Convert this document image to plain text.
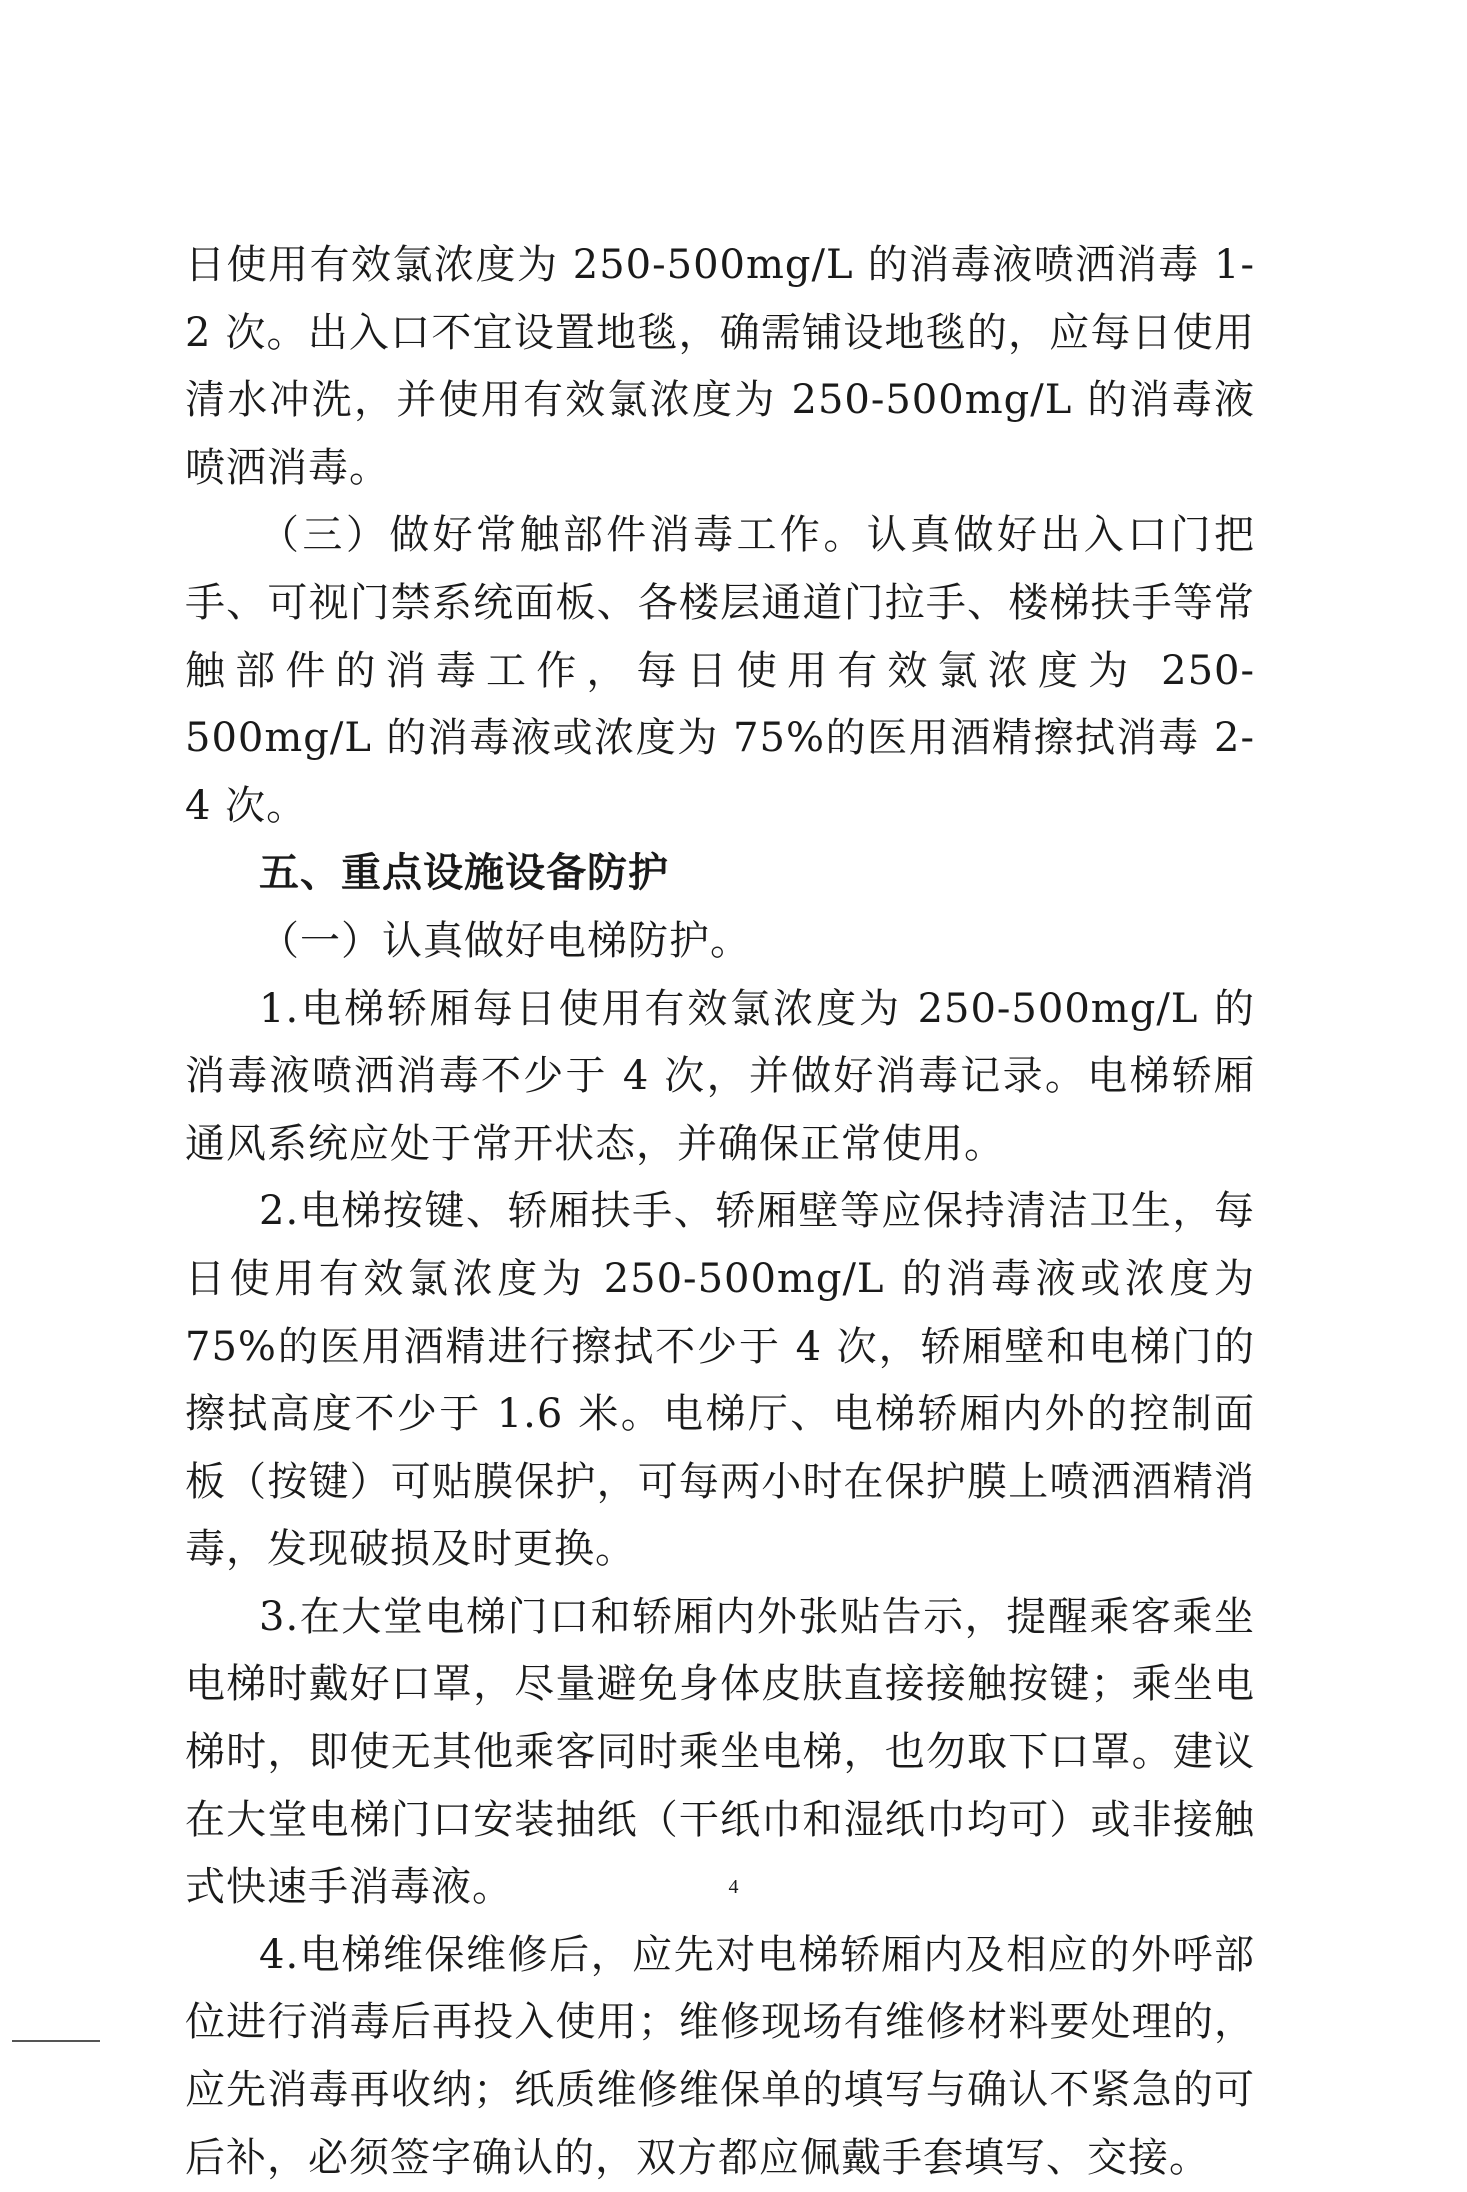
日使用有效氯浓度为 250-500mg/L 的消毒液喷洒消毒 1-2 次。出入口不宜设置地毯，确需铺设地毯的，应每日使用清水冲洗，并使用有效氯浓度为 250-500mg/L 的消毒液喷洒消毒。

（三）做好常触部件消毒工作。认真做好出入口门把手、可视门禁系统面板、各楼层通道门拉手、楼梯扶手等常触部件的消毒工作，每日使用有效氯浓度为 250-500mg/L 的消毒液或浓度为 75%的医用酒精擦拭消毒 2-4 次。

五、重点设施设备防护

（一）认真做好电梯防护。

1.电梯轿厢每日使用有效氯浓度为 250-500mg/L 的消毒液喷洒消毒不少于 4 次，并做好消毒记录。电梯轿厢通风系统应处于常开状态，并确保正常使用。

2.电梯按键、轿厢扶手、轿厢壁等应保持清洁卫生，每日使用有效氯浓度为 250-500mg/L 的消毒液或浓度为 75%的医用酒精进行擦拭不少于 4 次，轿厢壁和电梯门的擦拭高度不少于 1.6 米。电梯厅、电梯轿厢内外的控制面板（按键）可贴膜保护，可每两小时在保护膜上喷洒酒精消毒，发现破损及时更换。

3.在大堂电梯门口和轿厢内外张贴告示，提醒乘客乘坐电梯时戴好口罩，尽量避免身体皮肤直接接触按键；乘坐电梯时，即使无其他乘客同时乘坐电梯，也勿取下口罩。建议在大堂电梯门口安装抽纸（干纸巾和湿纸巾均可）或非接触式快速手消毒液。

4.电梯维保维修后，应先对电梯轿厢内及相应的外呼部位进行消毒后再投入使用；维修现场有维修材料要处理的，应先消毒再收纳；纸质维修维保单的填写与确认不紧急的可后补，必须签字确认的，双方都应佩戴手套填写、交接。

4
